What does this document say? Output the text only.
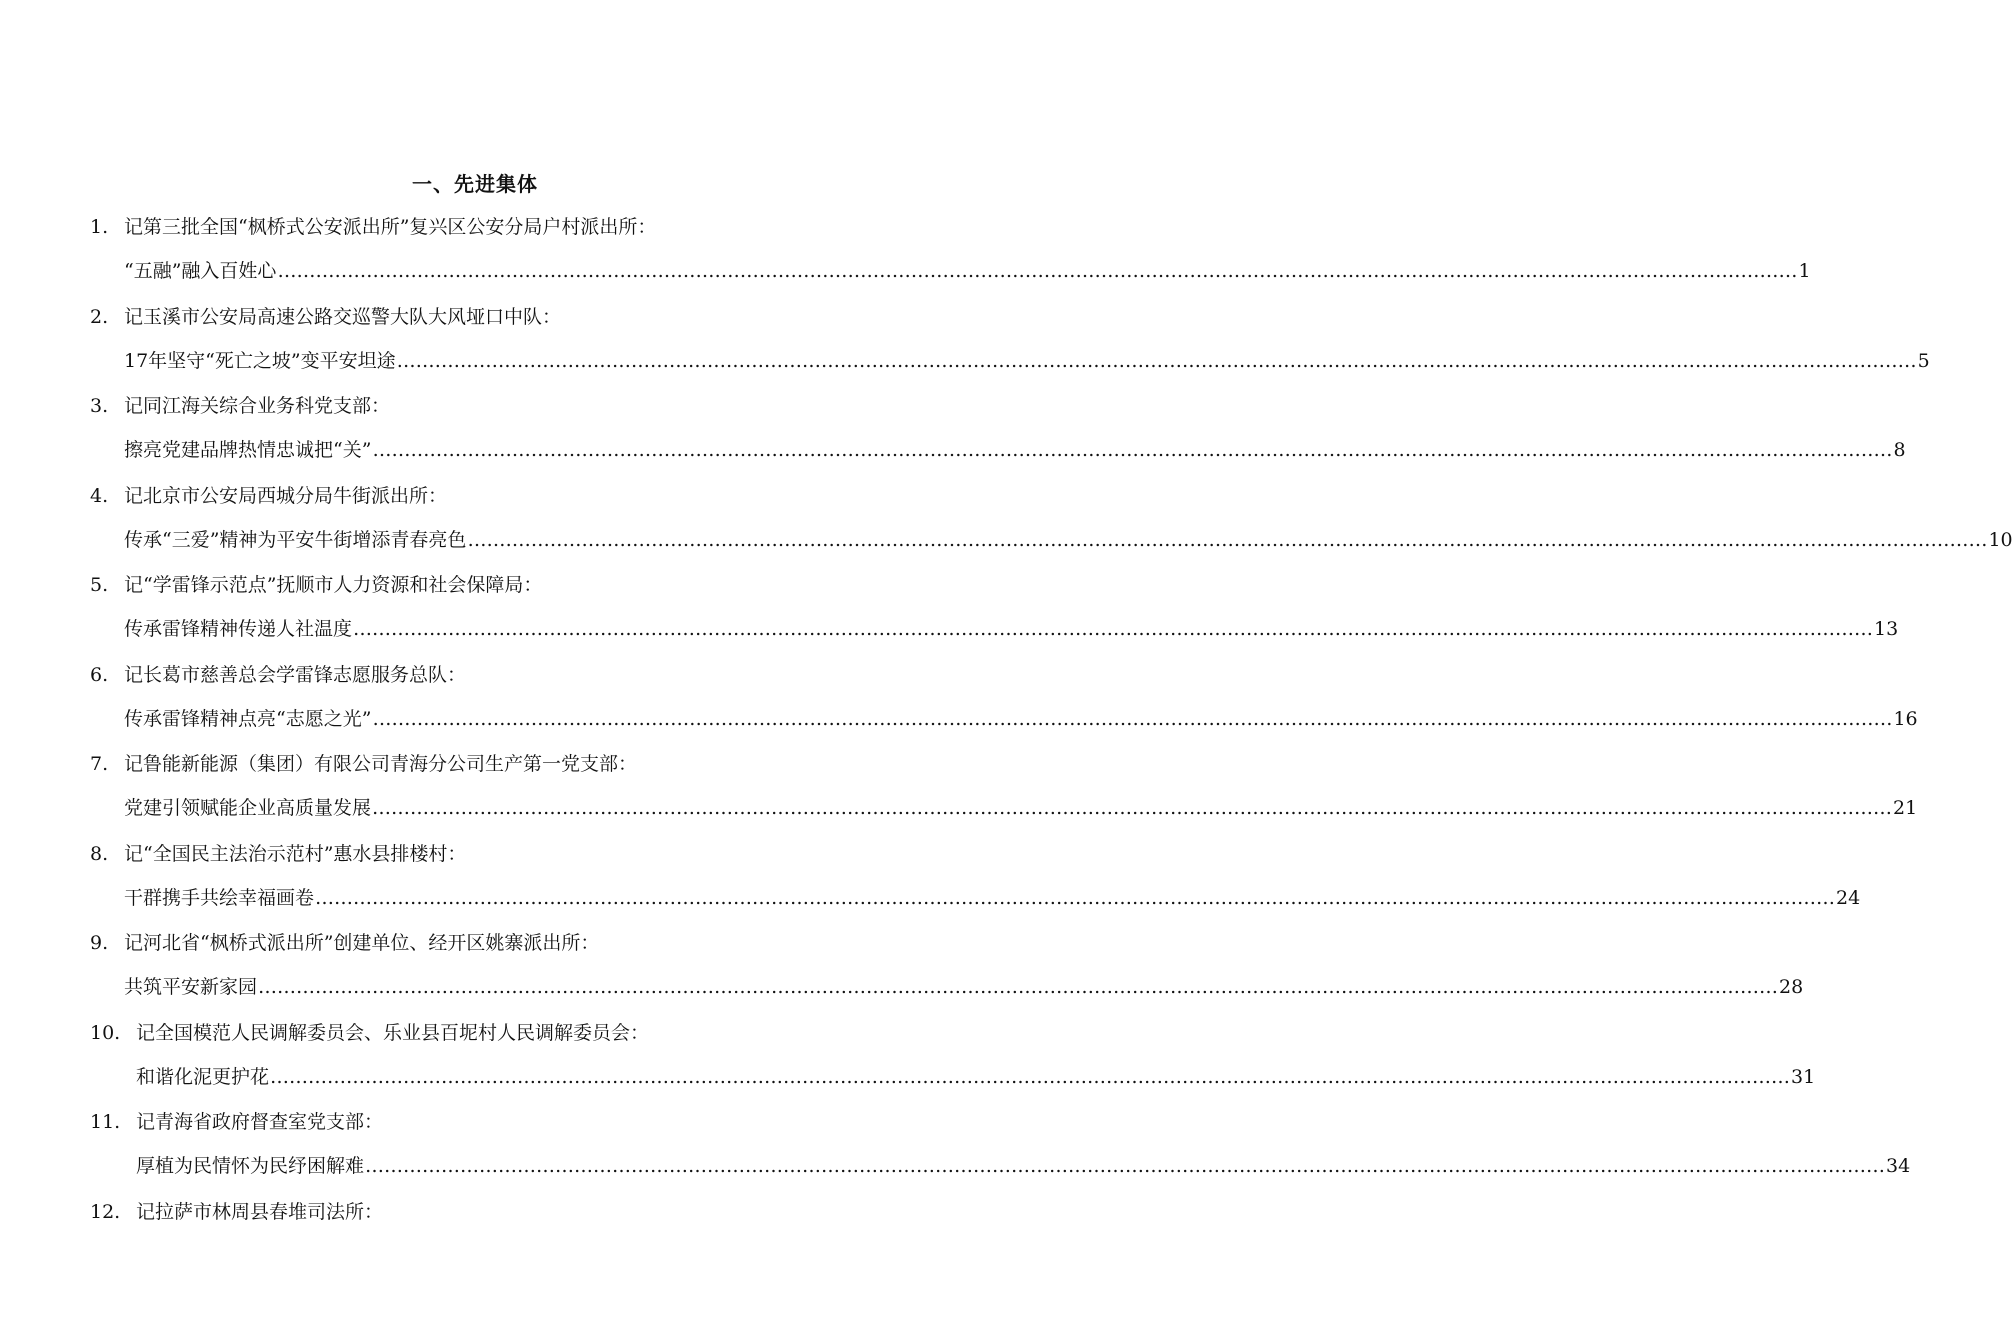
一、先进集体
1. 记第三批全国“枫桥式公安派出所”复兴区公安分局户村派出所：
“五融”融入百姓心 …………………………………………………………………………………………………………………………………………………………………………………………………………………… 1
2. 记玉溪市公安局高速公路交巡警大队大风垭口中队：
17年坚守“死亡之坡”变平安坦途 …………………………………………………………………………………………………………………………………………………………………………………………………………………… 5
3. 记同江海关综合业务科党支部：
擦亮党建品牌热情忠诚把“关” …………………………………………………………………………………………………………………………………………………………………………………………………………………… 8
4. 记北京市公安局西城分局牛街派出所：
传承“三爱”精神为平安牛街增添青春亮色 …………………………………………………………………………………………………………………………………………………………………………………………………………………… 10
5. 记“学雷锋示范点”抚顺市人力资源和社会保障局：
传承雷锋精神传递人社温度 …………………………………………………………………………………………………………………………………………………………………………………………………………………… 13
6. 记长葛市慈善总会学雷锋志愿服务总队：
传承雷锋精神点亮“志愿之光” …………………………………………………………………………………………………………………………………………………………………………………………………………………… 16
7. 记鲁能新能源（集团）有限公司青海分公司生产第一党支部：
党建引领赋能企业高质量发展 …………………………………………………………………………………………………………………………………………………………………………………………………………………… 21
8. 记“全国民主法治示范村”惠水县排楼村：
干群携手共绘幸福画卷 …………………………………………………………………………………………………………………………………………………………………………………………………………………… 24
9. 记河北省“枫桥式派出所”创建单位、经开区姚寨派出所：
共筑平安新家园 …………………………………………………………………………………………………………………………………………………………………………………………………………………… 28
10. 记全国模范人民调解委员会、乐业县百坭村人民调解委员会：
和谐化泥更护花 …………………………………………………………………………………………………………………………………………………………………………………………………………………… 31
11. 记青海省政府督查室党支部：
厚植为民情怀为民纾困解难 …………………………………………………………………………………………………………………………………………………………………………………………………………………… 34
12. 记拉萨市林周县春堆司法所：
